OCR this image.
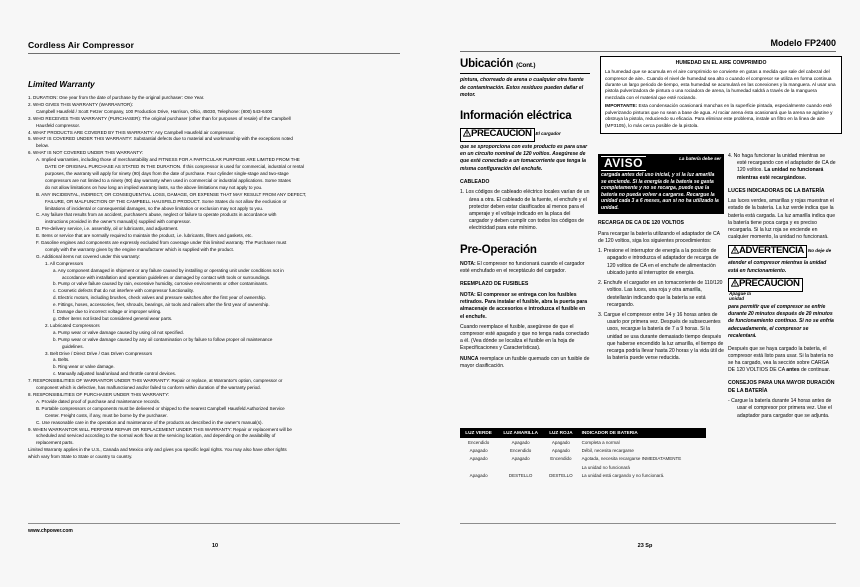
Cordless Air Compressor
Limited Warranty
1. DURATION: One year from the date of purchase by the original purchaser: One Year.
2. WHO GIVES THIS WARRANTY (WARRANTOR):
Campbell Hausfeld / Scott Fetzer Company, 100 Production Drive, Harrison, Ohio, 45030, Telephone: (800) 543-6400
3. WHO RECEIVES THIS WARRANTY (PURCHASER): The original purchaser (other than for purposes of resale) of the Campbell
Hausfeld compressor.
4. WHAT PRODUCTS ARE COVERED BY THIS WARRANTY: Any Campbell Hausfeld air compressor.
5. WHAT IS COVERED UNDER THIS WARRANTY: Substantial defects due to material and workmanship with the exceptions noted
below.
6. WHAT IS NOT COVERED UNDER THIS WARRANTY:
A. Implied warranties, including those of merchantability and FITNESS FOR A PARTICULAR PURPOSE ARE LIMITED FROM THE
DATE OF ORIGINAL PURCHASE AS STATED IN THE DURATION. If this compressor is used for commercial, industrial or rental
purposes, the warranty will apply for ninety (90) days from the date of purchase. Four cylinder single-stage and two-stage
compressors are not limited to a ninety (90) day warranty when used in commercial or industrial applications. Some States
do not allow limitations on how long an implied warranty lasts, so the above limitations may not apply to you.
B. ANY INCIDENTAL, INDIRECT, OR CONSEQUENTIAL LOSS, DAMAGE, OR EXPENSE THAT MAY RESULT FROM ANY DEFECT,
FAILURE, OR MALFUNCTION OF THE CAMPBELL HAUSFELD PRODUCT. Some States do not allow the exclusion or
limitations of incidental or consequential damages, so the above limitation or exclusion may not apply to you.
C. Any failure that results from an accident, purchaser's abuse, neglect or failure to operate products in accordance with
instructions provided in the owner's manual(s) supplied with compressor.
D. Pre-delivery service, i.e. assembly, oil or lubricants, and adjustment.
E. Items or service that are normally required to maintain the product, i.e. lubricants, filters and gaskets, etc.
F. Gasoline engines and components are expressly excluded from coverage under this limited warranty. The Purchaser must
comply with the warranty given by the engine manufacturer which is supplied with the product.
G. Additional items not covered under this warranty:
1. All Compressors
a. Any component damaged in shipment or any failure caused by installing or operating unit under conditions not in
accordance with installation and operation guidelines or damaged by contact with tools or surroundings.
b. Pump or valve failure caused by rain, excessive humidity, corrosive environments or other contaminants.
c. Cosmetic defects that do not interfere with compressor functionality.
d. Electric motors, including brushes, check valves and pressure switches after the first year of ownership.
e. Fittings, hoses, accessories, feet, shrouds, bearings, air tools and nailers after the first year of ownership.
f. Damage due to incorrect voltage or improper wiring.
g. Other items not listed but considered general wear parts.
2. Lubricated Compressors
a. Pump wear or valve damage caused by using oil not specified.
b. Pump wear or valve damage caused by any oil contamination or by failure to follow proper oil maintenance
guidelines.
3. Belt Drive / Direct Drive / Gas Driven Compressors
a. Belts.
b. Ring wear or valve damage.
c. Manually adjusted load/unload and throttle control devices.
7. RESPONSIBILITIES OF WARRANTOR UNDER THIS WARRANTY: Repair or replace, at Warrantor's option, compressor or
component which is defective, has malfunctioned and/or failed to conform within duration of the warranty period.
8. RESPONSIBILITIES OF PURCHASER UNDER THIS WARRANTY:
A. Provide dated proof of purchase and maintenance records.
B. Portable compressors or components must be delivered or shipped to the nearest Campbell Hausfeld Authorized Service
Center. Freight costs, if any, must be borne by the purchaser.
C. Use reasonable care in the operation and maintenance of the products as described in the owner's manual(s).
9. WHEN WARRANTOR WILL PERFORM REPAIR OR REPLACEMENT UNDER THIS WARRANTY: Repair or replacement will be
scheduled and serviced according to the normal work flow at the servicing location, and depending on the availability of
replacement parts.
Limited Warranty applies in the U.S., Canada and Mexico only and gives you specific legal rights. You may also have other rights
which vary from State to State or country to country.
www.chpower.com
10
Modelo FP2400
Ubicación (Cont.)
pintura, chorreado de arena o cualquier otra fuente de contaminación. Estos residuos pueden dañar el motor.
Información eléctrica
PRECAUCION El cargador
que se sproporciona con este producto es para usar en un circuito nominal de 120 voltios. Asegúrese de que esté conectado a un tomacorriente que tenga la misma configuración del enchufe.
CABLEADO
1. Los códigos de cableado eléctrico locales varían de un área a otra. El cableado de la fuente, el enchufe y el protector deben estar clasificados al menos para el amperaje y el voltaje indicado en la placa del cargador y deben cumplir con todos los códigos de electricidad para este mínimo.
Pre-Operación
NOTA: El compresor no funcionará cuando el cargador esté enchufado en el receptáculo del cargador.
REEMPLAZO DE FUSIBLES
NOTA: El compresor se entrega con los fusibles retirados. Para instalar el fusible, abra la puerta para almacenaje de accesorios e introduzca el fusible en el enchufe.
Cuando reemplace el fusible, asegúrese de que el compresor esté apagado y que no tenga nada conectado a él. (Vea dónde se localiza el fusible en la hoja de Especificaciones y Características).
NUNCA reemplace un fusible quemado con un fusible de mayor clasificación.
HUMEDAD EN EL AIRE COMPRIMIDO

La humedad que se acumula en el aire comprimido se convierte en gotas a medida que sale del cabezal del compresor de aire.. Cuando el nivel de humedad sea alto o cuando el compresor se utiliza en forma continua durante un largo periodo de tiempo, esta humedad se acumulará en las conexiones y la manguera. Al usar una pistola pulverizadora de pintura o una rociadora de arena, la humedad saldrá a través de la manguera mezclada con el material que esté rociando.

IMPORTANTE: Esta condensación ocasionará manchas en la superficie pintada, especialmente cuando esté pulverizando pinturas que no sean a base de agua. Al rociar arena ésta ocasionará que la arena se aglutine y obstruya la pistola, reduciendo su eficacia. Para eliminar este problema, instale un filtro en la línea de aire (MP3105), lo más cerca posible de la pistola.

AVISO	La batería debe ser
cargada antes del uso inicial, y si la luz amarilla se enciende. Si la energía de la batería se gasta completamente y no se recarga, puede que la batería no pueda volver a cargarse. Recargue la unidad cada 3 a 6 meses, aun si no ha utilizado la unidad.
RECARGA DE CA DE 120 VOLTIOS
Para recargar la batería utilizando el adaptador de CA de 120 voltios, siga los siguientes procedimientos:
1. Presione el interruptor de energía a la posición de apagado e introduzca el adaptador de recarga de 120 voltios de CA en el enchufe de alimentación ubicado junto al interruptor de energía.
2. Enchufe el cargador en un tomacorriente de 110/120 voltios. Las luces, una roja y otra amarilla, destellarán indicando que la batería se está recargando.
3. Cargue el compresor entre 14 y 16 horas antes de usarlo por primera vez. Después de subsecuentes usos, recargue la batería de 7 a 9 horas. Si la unidad se usa durante demasiado tiempo después que haberse encendido la luz amarilla, el tiempo de recarga podría llevar hasta 20 horas y la vida útil de la batería puede verse reducida.
4. No haga funcionar la unidad mientras se esté recargando con el adaptador de CA de 120 voltios. La unidad no funcionará mientras esté recargándose.
LUCES INDICADORAS DE LA BATERÍA
Las luces verdes, amarillas y rojas muestran el estado de la batería. La luz verde indica que la batería está cargada. La luz amarilla indica que la batería tiene poca carga y es preciso recargarla. Si la luz roja se enciende en cualquier momento, la unidad no funcionará.
ADVERTENCIA No deje de
atender el compresor mientras la unidad está en funcionamiento.
PRECAUCIONApague la unidad
para permitir que el compresor se enfríe durante 20 minutos después de 20 minutos de funcionamiento continuo. Si no se enfría adecuadamente, el compresor se recalentará.
Después que se haya cargado la batería, el compresor está listo para usar. Si la batería no se ha cargado, vea la sección sobre CARGA DE 120 VOLTIOS DE CA antes de continuar.
CONSEJOS PARA UNA MAYOR DURACIÓN DE LA BATERÍA
- Cargue la batería durante 14 horas antes de usar el compresor por primera vez. Use el adaptador para cargador que se adjunta.
LUZ VERDE	LUZ AMARILLA	LUZ ROJA	INDICADOR DE BATERIA
Encendido	Apagado	Apagado	Completa a normal
Apagado	Encendido	Apagado	Débil, necesita recargarse
Apagado	Apagado	Encendido	Agotada, necesita recargarse INMEDIATAMENTE
			La unidad no funcionará
Apagado	DESTELLO	DESTELLO	La unidad está cargando y no funcionará.
23 Sp
